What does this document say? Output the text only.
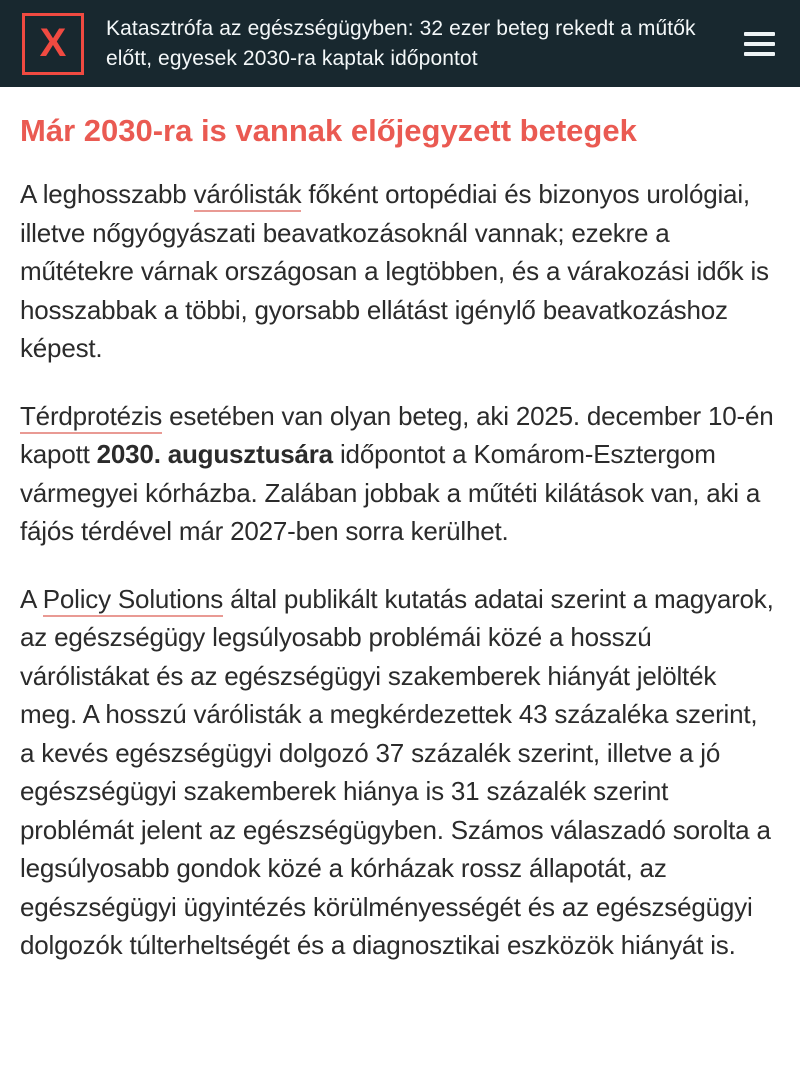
X Katasztrófa az egészségügyben: 32 ezer beteg rekedt a műtők előtt, egyesek 2030-ra kaptak időpontot
Már 2030-ra is vannak előjegyzett betegek

A leghosszabb várólisták főként ortopédiai és bizonyos urológiai, illetve nőgyógyászati beavatkozásoknál vannak; ezekre a műtétekre várnak országosan a legtöbben, és a várakozási idők is hosszabbak a többi, gyorsabb ellátást igénylő beavatkozáshoz képest.

Térdprotézis esetében van olyan beteg, aki 2025. december 10-én kapott 2030. augusztusára időpontot a Komárom-Esztergom vármegyei kórházba. Zalában jobbak a műtéti kilátások van, aki a fájós térdével már 2027-ben sorra kerülhet.

A Policy Solutions által publikált kutatás adatai szerint a magyarok, az egészségügy legsúlyosabb problémái közé a hosszú várólistákat és az egészségügyi szakemberek hiányát jelölték meg. A hosszú várólisták a megkérdezettek 43 százaléka szerint, a kevés egészségügyi dolgozó 37 százalék szerint, illetve a jó egészségügyi szakemberek hiánya is 31 százalék szerint problémát jelent az egészségügyben. Számos válaszadó sorolta a legsúlyosabb gondok közé a kórházak rossz állapotát, az egészségügyi ügyintézés körülményességét és az egészségügyi dolgozók túlterheltségét és a diagnosztikai eszközök hiányát is.
